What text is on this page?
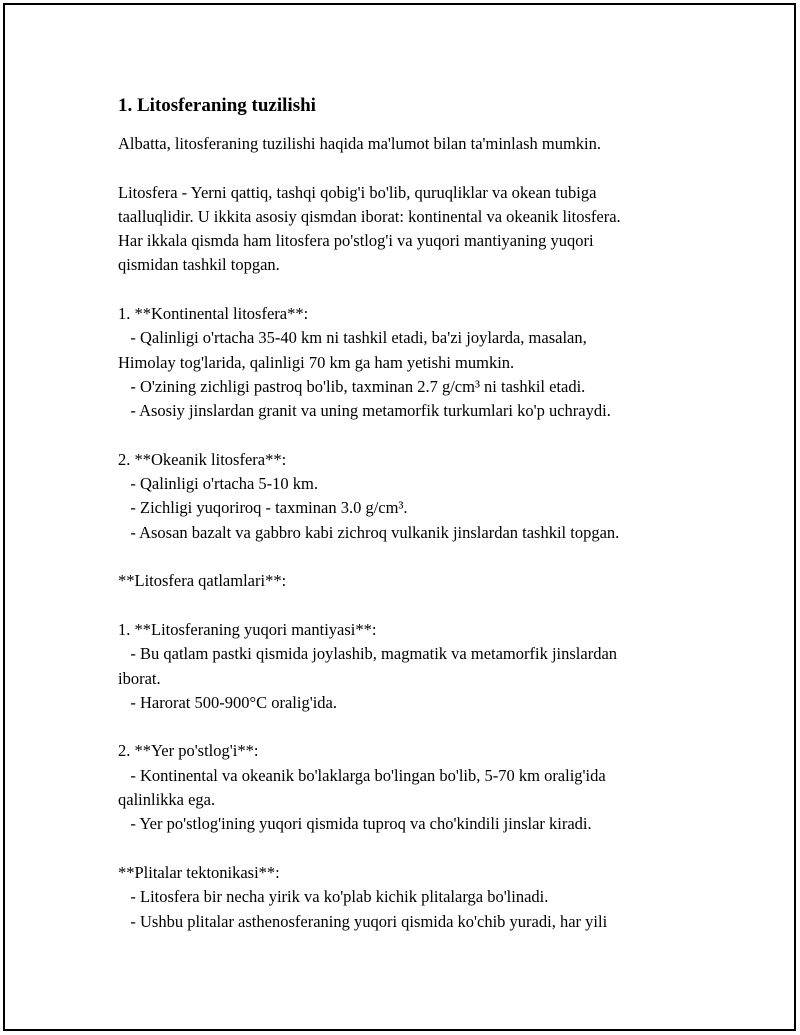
1. Litosferaning tuzilishi
Albatta, litosferaning tuzilishi haqida ma'lumot bilan ta'minlash mumkin.
Litosfera - Yerni qattiq, tashqi qobig'i bo'lib, quruqliklar va okean tubiga
taalluqlidir. U ikkita asosiy qismdan iborat: kontinental va okeanik litosfera.
Har ikkala qismda ham litosfera po'stlog'i va yuqori mantiyaning yuqori
qismidan tashkil topgan.
1. **Kontinental litosfera**:
- Qalinligi o'rtacha 35-40 km ni tashkil etadi, ba'zi joylarda, masalan,
Himolay tog'larida, qalinligi 70 km ga ham yetishi mumkin.
- O'zining zichligi pastroq bo'lib, taxminan 2.7 g/cm³ ni tashkil etadi.
- Asosiy jinslardan granit va uning metamorfik turkumlari ko'p uchraydi.
2. **Okeanik litosfera**:
- Qalinligi o'rtacha 5-10 km.
- Zichligi yuqoriroq - taxminan 3.0 g/cm³.
- Asosan bazalt va gabbro kabi zichroq vulkanik jinslardan tashkil topgan.
**Litosfera qatlamlari**:
1. **Litosferaning yuqori mantiyasi**:
- Bu qatlam pastki qismida joylashib, magmatik va metamorfik jinslardan
iborat.
- Harorat 500-900°C oralig'ida.
2. **Yer po'stlog'i**:
- Kontinental va okeanik bo'laklarga bo'lingan bo'lib, 5-70 km oralig'ida
qalinlikka ega.
- Yer po'stlog'ining yuqori qismida tuproq va cho'kindili jinslar kiradi.
**Plitalar tektonikasi**:
- Litosfera bir necha yirik va ko'plab kichik plitalarga bo'linadi.
- Ushbu plitalar asthenosferaning yuqori qismida ko'chib yuradi, har yili
